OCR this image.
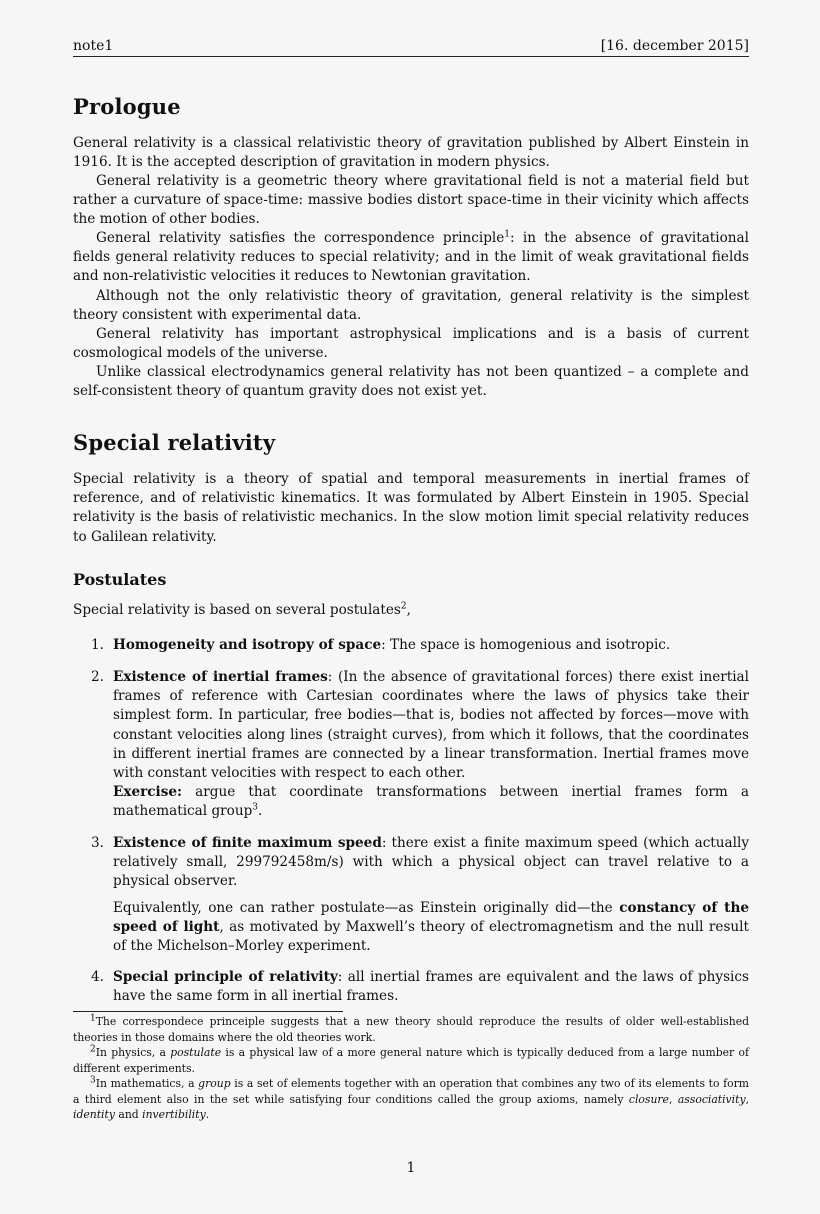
note1	[16. december 2015]
Prologue

General relativity is a classical relativistic theory of gravitation published by Albert Einstein in 1916. It is the accepted description of gravitation in modern physics.

General relativity is a geometric theory where gravitational field is not a material field but rather a curvature of space-time: massive bodies distort space-time in their vicinity which affects the motion of other bodies.

General relativity satisfies the correspondence principle$^1$: in the absence of gravitational fields general relativity reduces to special relativity; and in the limit of weak gravitational fields and non-relativistic velocities it reduces to Newtonian gravitation.

Although not the only relativistic theory of gravitation, general relativity is the simplest theory consistent with experimental data.

General relativity has important astrophysical implications and is a basis of current cosmological models of the universe.

Unlike classical electrodynamics general relativity has not been quantized – a complete and self-consistent theory of quantum gravity does not exist yet.

Special relativity

Special relativity is a theory of spatial and temporal measurements in inertial frames of reference, and of relativistic kinematics. It was formulated by Albert Einstein in 1905. Special relativity is the basis of relativistic mechanics. In the slow motion limit special relativity reduces to Galilean relativity.

Postulates

Special relativity is based on several postulates$^2$,

1. Homogeneity and isotropy of space: The space is homogenious and isotropic.

2. Existence of inertial frames: (In the absence of gravitational forces) there exist inertial frames of reference with Cartesian coordinates where the laws of physics take their simplest form. In particular, free bodies—that is, bodies not affected by forces—move with constant velocities along lines (straight curves), from which it follows, that the coordinates in different inertial frames are connected by a linear transformation. Inertial frames move with constant velocities with respect to each other.

Exercise: argue that coordinate transformations between inertial frames form a mathematical group$^3$.

3. Existence of finite maximum speed: there exist a finite maximum speed (which actually relatively small, 299792458m/s) with which a physical object can travel relative to a physical observer.

Equivalently, one can rather postulate—as Einstein originally did—the constancy of the speed of light, as motivated by Maxwell’s theory of electromagnetism and the null result of the Michelson–Morley experiment.

4. Special principle of relativity: all inertial frames are equivalent and the laws of physics have the same form in all inertial frames.

$^1$The correspondece princeiple suggests that a new theory should reproduce the results of older well-established theories in those domains where the old theories work.

$^2$In physics, a postulate is a physical law of a more general nature which is typically deduced from a large number of different experiments.

$^3$In mathematics, a group is a set of elements together with an operation that combines any two of its elements to form a third element also in the set while satisfying four conditions called the group axioms, namely closure, associativity, identity and invertibility.

1
